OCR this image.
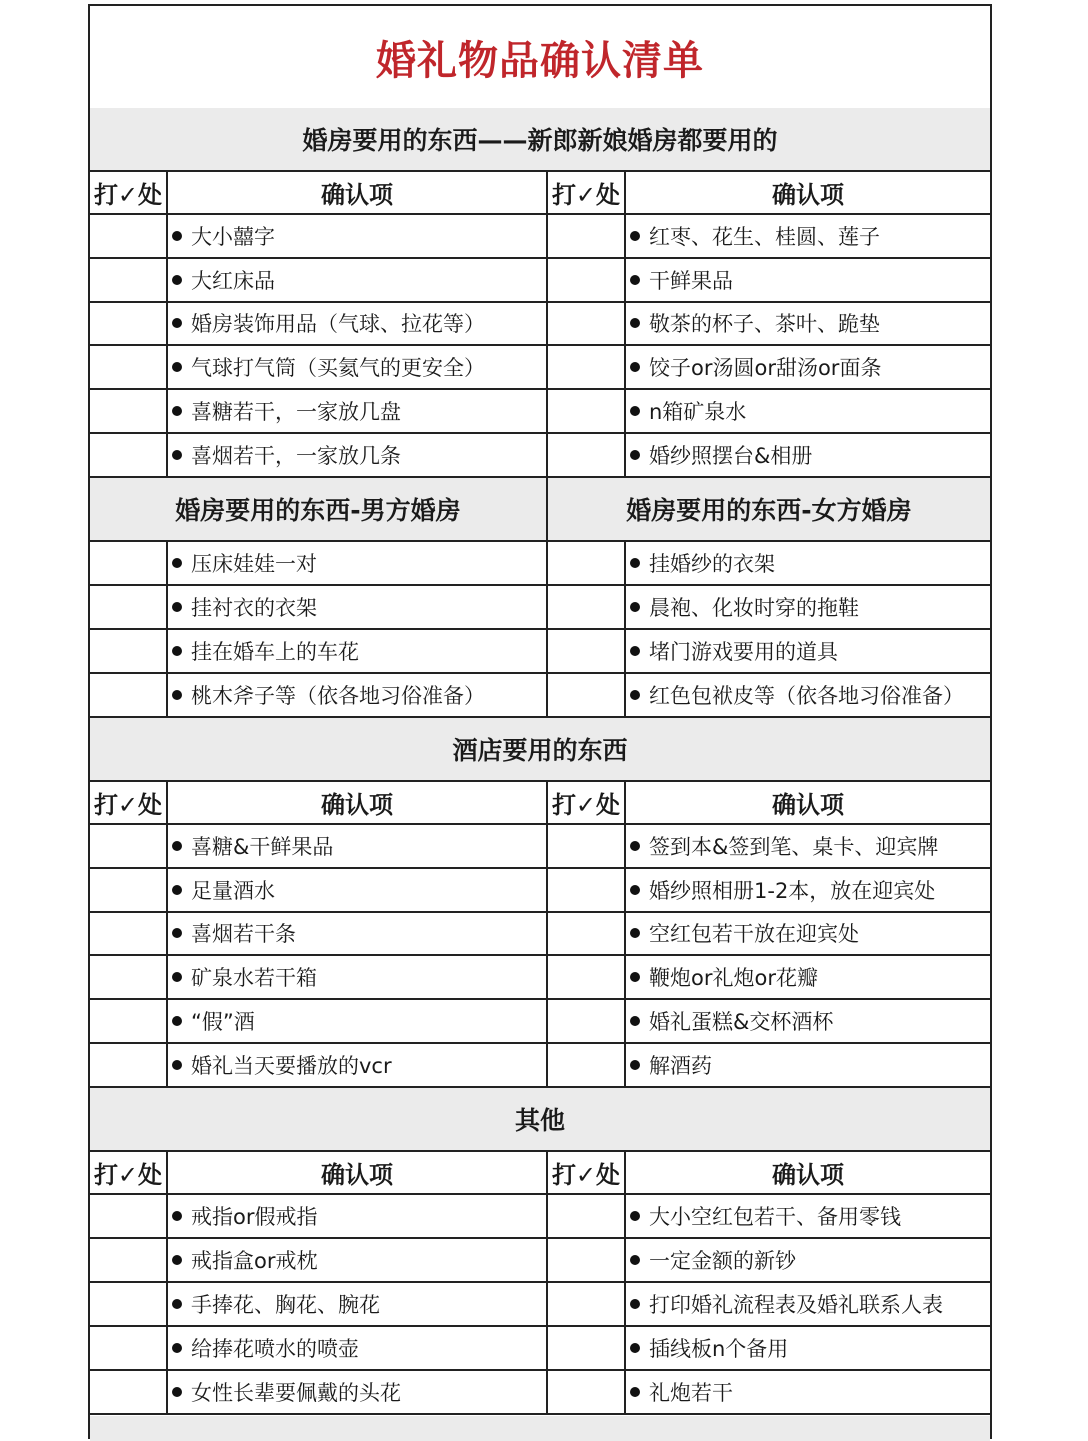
婚礼物品确认清单
婚房要用的东西——新郎新娘婚房都要用的
打✓处	确认项	打✓处	确认项
大小囍字	红枣、花生、桂圆、莲子
大红床品	干鲜果品
婚房装饰用品（气球、拉花等）	敬茶的杯子、茶叶、跪垫
气球打气筒（买氦气的更安全）	饺子or汤圆or甜汤or面条
喜糖若干，一家放几盘	n箱矿泉水
喜烟若干，一家放几条	婚纱照摆台&相册
婚房要用的东西-男方婚房	婚房要用的东西-女方婚房
压床娃娃一对	挂婚纱的衣架
挂衬衣的衣架	晨袍、化妆时穿的拖鞋
挂在婚车上的车花	堵门游戏要用的道具
桃木斧子等（依各地习俗准备）	红色包袱皮等（依各地习俗准备）
酒店要用的东西
打✓处	确认项	打✓处	确认项
喜糖&干鲜果品	签到本&签到笔、桌卡、迎宾牌
足量酒水	婚纱照相册1-2本，放在迎宾处
喜烟若干条	空红包若干放在迎宾处
矿泉水若干箱	鞭炮or礼炮or花瓣
“假”酒	婚礼蛋糕&交杯酒杯
婚礼当天要播放的vcr	解酒药
其他
打✓处	确认项	打✓处	确认项
戒指or假戒指	大小空红包若干、备用零钱
戒指盒or戒枕	一定金额的新钞
手捧花、胸花、腕花	打印婚礼流程表及婚礼联系人表
给捧花喷水的喷壶	插线板n个备用
女性长辈要佩戴的头花	礼炮若干
